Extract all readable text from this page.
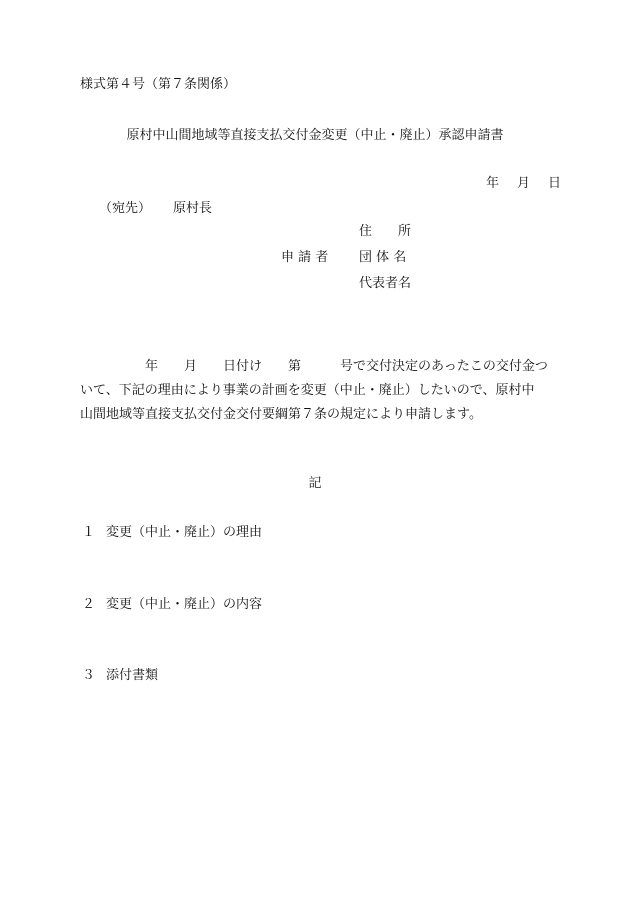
様式第４号（第７条関係）
原村中山間地域等直接支払交付金変更（中止・廃止）承認申請書
年 月 日
（宛先） 原村長
住　　所
申 請 者 団 体 名
代表者名
　　　　　年　　月　　日付け　　第　　　号で交付決定のあったこの交付金つ
いて、下記の理由により事業の計画を変更（中止・廃止）したいので、原村中
山間地域等直接支払交付金交付要綱第７条の規定により申請します。
記
１ 変更（中止・廃止）の理由
２ 変更（中止・廃止）の内容
３ 添付書類
